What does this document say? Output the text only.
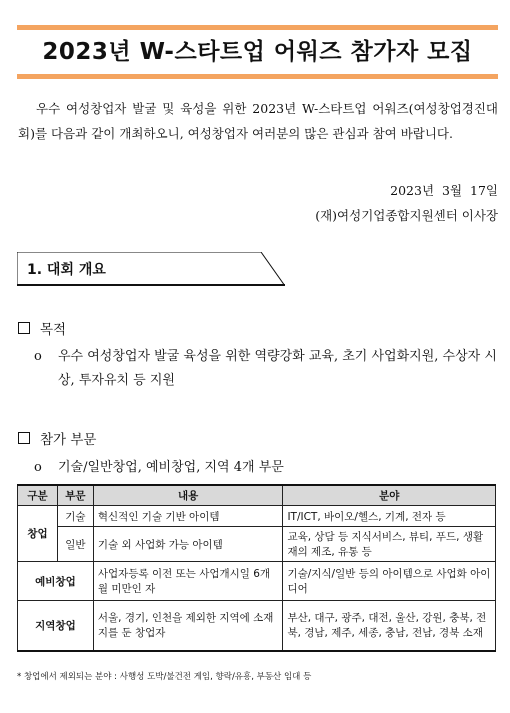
2023년 W-스타트업 어워즈 참가자 모집

우수 여성창업자 발굴 및 육성을 위한 2023년 W-스타트업 어워즈(여성창업경진대회)를 다음과 같이 개최하오니, 여성창업자 여러분의 많은 관심과 참여 바랍니다.

2023년 3월 17일
(재)여성기업종합지원센터 이사장
1. 대회 개요
목적
o	우수 여성창업자 발굴 육성을 위한 역량강화 교육, 초기 사업화지원, 수상자 시상, 투자유치 등 지원
참가 부문
o	기술/일반창업, 예비창업, 지역 4개 부문
구분	부문	내용	분야
창업	기술	혁신적인 기술 기반 아이템	IT/ICT, 바이오/헬스, 기계, 전자 등
	일반	기술 외 사업화 가능 아이템	교육, 상담 등 지식서비스, 뷰티, 푸드, 생활재의 제조, 유통 등
예비창업		사업자등록 이전 또는 사업개시일 6개월 미만인 자	기술/지식/일반 등의 아이템으로 사업화 아이디어
지역창업		서울, 경기, 인천을 제외한 지역에 소재지를 둔 창업자	부산, 대구, 광주, 대전, 울산, 강원, 충북, 전북, 경남, 제주, 세종, 충남, 전남, 경북 소재
* 창업에서 제외되는 분야 : 사행성 도박/불건전 게임, 향락/유흥, 부동산 임대 등
